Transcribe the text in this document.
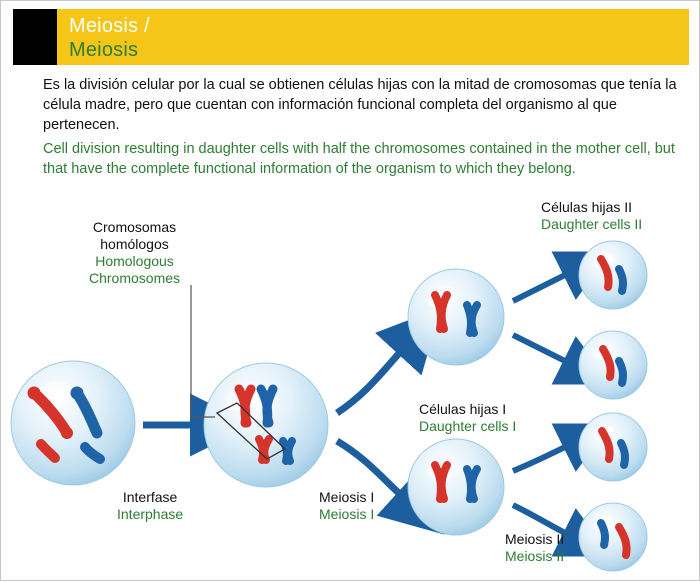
Meiosis /
Meiosis

Es la división celular por la cual se obtienen células hijas con la mitad de cromosomas que tenía la célula madre, pero que cuentan con información funcional completa del organismo al que pertenecen.

Cell division resulting in daughter cells with half the chromosomes contained in the mother cell, but that have the complete functional information of the organism to which they belong.

Cromosomas
homólogos
Homologous
Chromosomes
Interfase
Interphase
Meiosis I
Meiosis I
Células hijas I
Daughter cells I
Meiosis II
Meiosis II
Células hijas II
Daughter cells II
